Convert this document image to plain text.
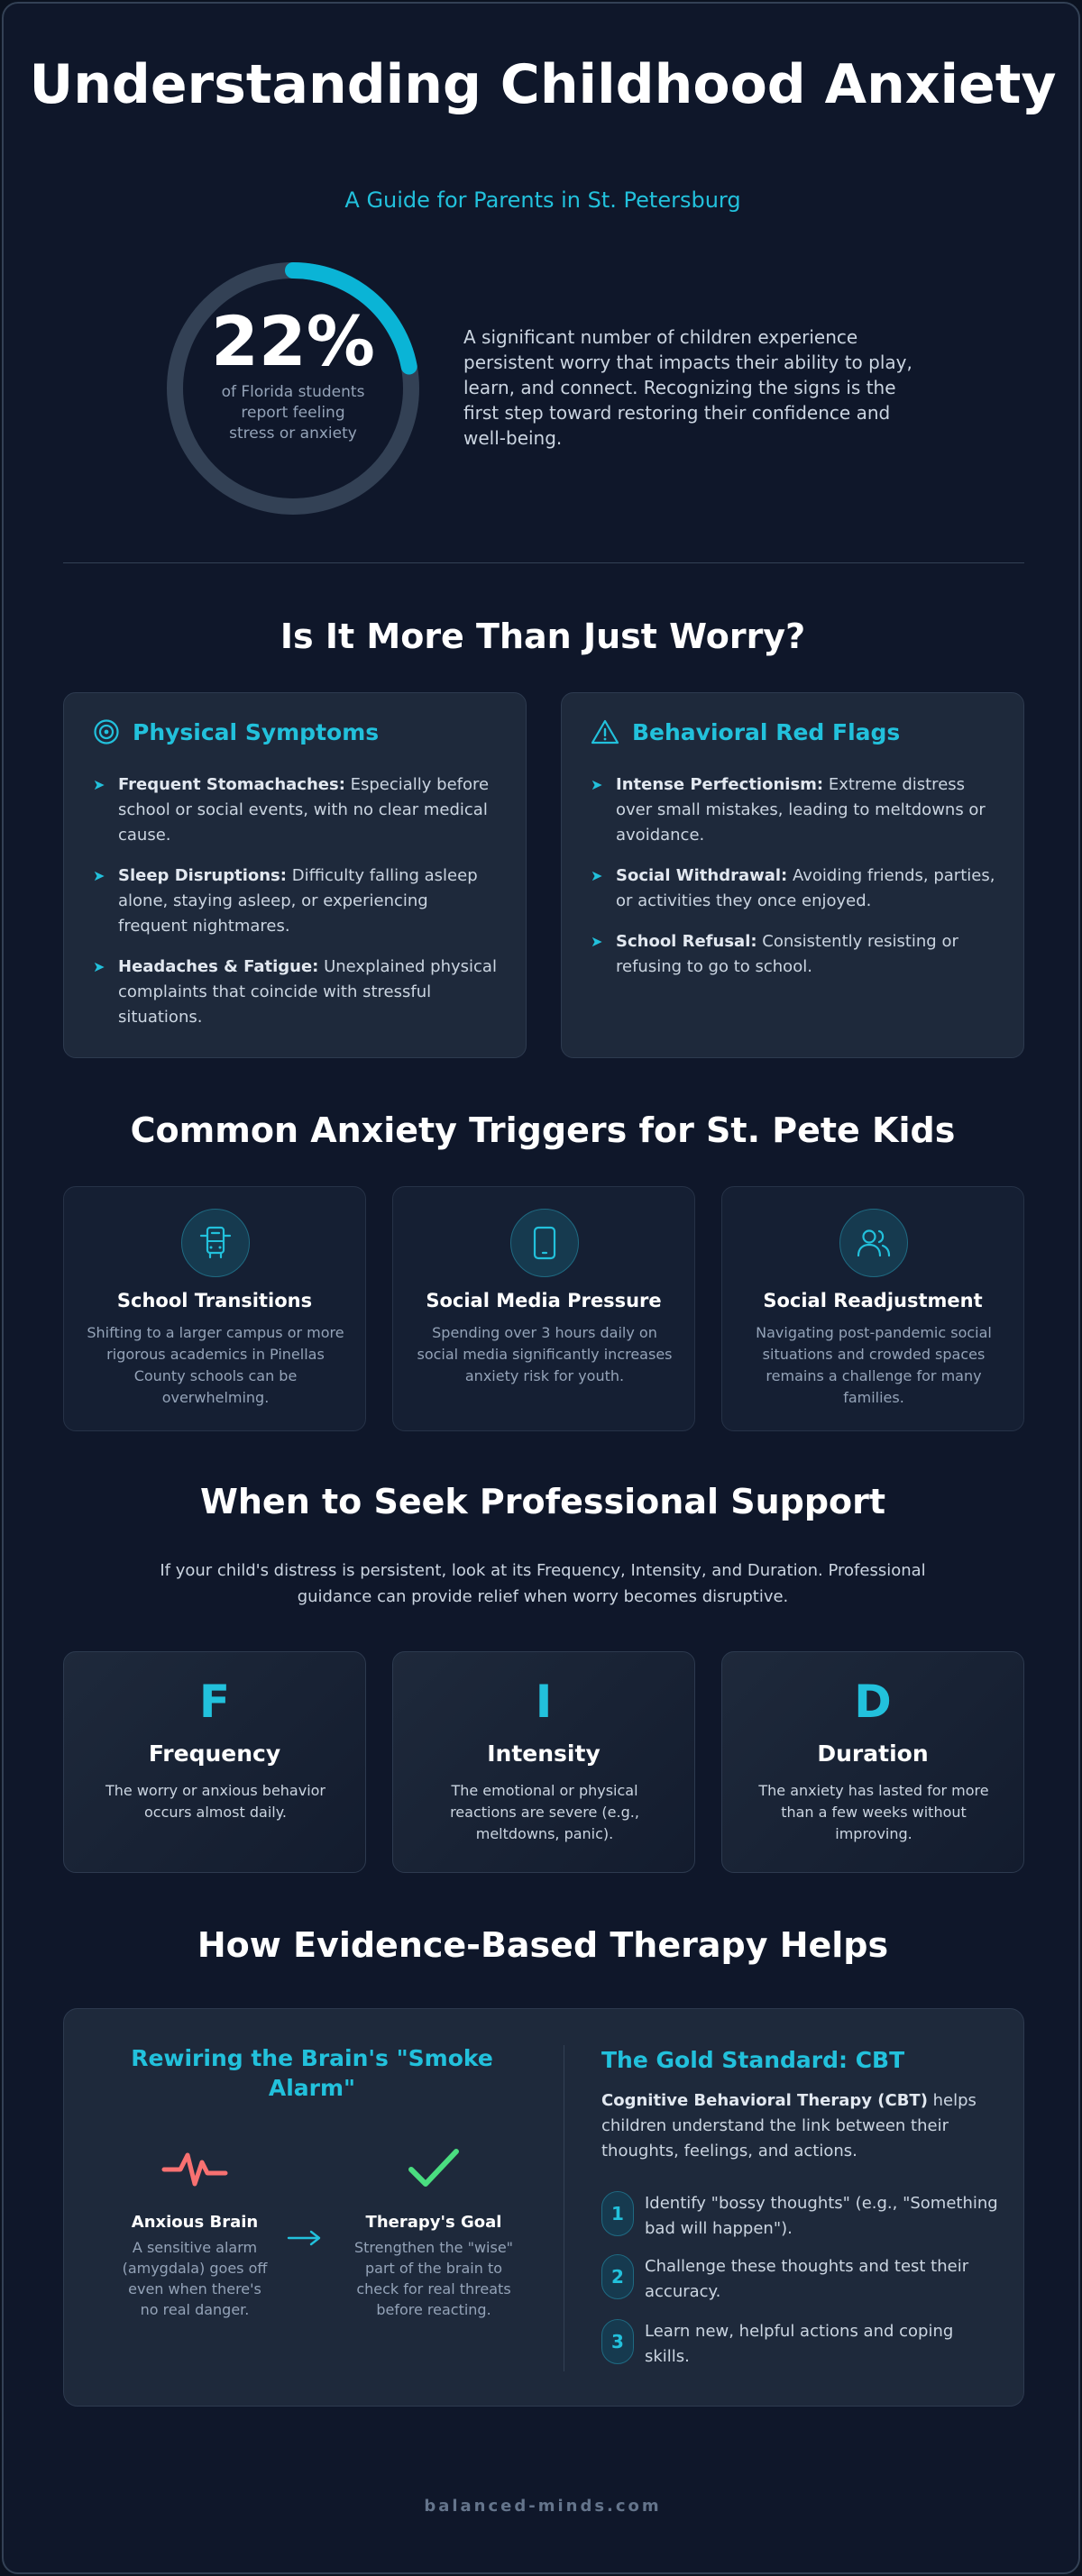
Understanding Childhood Anxiety
A Guide for Parents in St. Petersburg
22%
of Florida students report feeling stress or anxiety
A significant number of children experience persistent worry that impacts their ability to play, learn, and connect. Recognizing the signs is the first step toward restoring their confidence and well-being.
Is It More Than Just Worry?
Physical Symptoms
➤ Frequent Stomachaches: Especially before school or social events, with no clear medical cause.
➤ Sleep Disruptions: Difficulty falling asleep alone, staying asleep, or experiencing frequent nightmares.
➤ Headaches & Fatigue: Unexplained physical complaints that coincide with stressful situations.
Behavioral Red Flags
➤ Intense Perfectionism: Extreme distress over small mistakes, leading to meltdowns or avoidance.
➤ Social Withdrawal: Avoiding friends, parties, or activities they once enjoyed.
➤ School Refusal: Consistently resisting or refusing to go to school.
Common Anxiety Triggers for St. Pete Kids
School Transitions
Shifting to a larger campus or more rigorous academics in Pinellas County schools can be overwhelming.
Social Media Pressure
Spending over 3 hours daily on social media significantly increases anxiety risk for youth.
Social Readjustment
Navigating post-pandemic social situations and crowded spaces remains a challenge for many families.
When to Seek Professional Support
If your child's distress is persistent, look at its Frequency, Intensity, and Duration. Professional guidance can provide relief when worry becomes disruptive.
F
Frequency
The worry or anxious behavior occurs almost daily.
I
Intensity
The emotional or physical reactions are severe (e.g., meltdowns, panic).
D
Duration
The anxiety has lasted for more than a few weeks without improving.
How Evidence-Based Therapy Helps
Rewiring the Brain's "Smoke Alarm"
Anxious Brain
A sensitive alarm (amygdala) goes off even when there's no real danger.
Therapy's Goal
Strengthen the "wise" part of the brain to check for real threats before reacting.
The Gold Standard: CBT
Cognitive Behavioral Therapy (CBT) helps children understand the link between their thoughts, feelings, and actions.
1	Identify "bossy thoughts" (e.g., "Something bad will happen").
2	Challenge these thoughts and test their accuracy.
3	Learn new, helpful actions and coping skills.
balanced-minds.com
